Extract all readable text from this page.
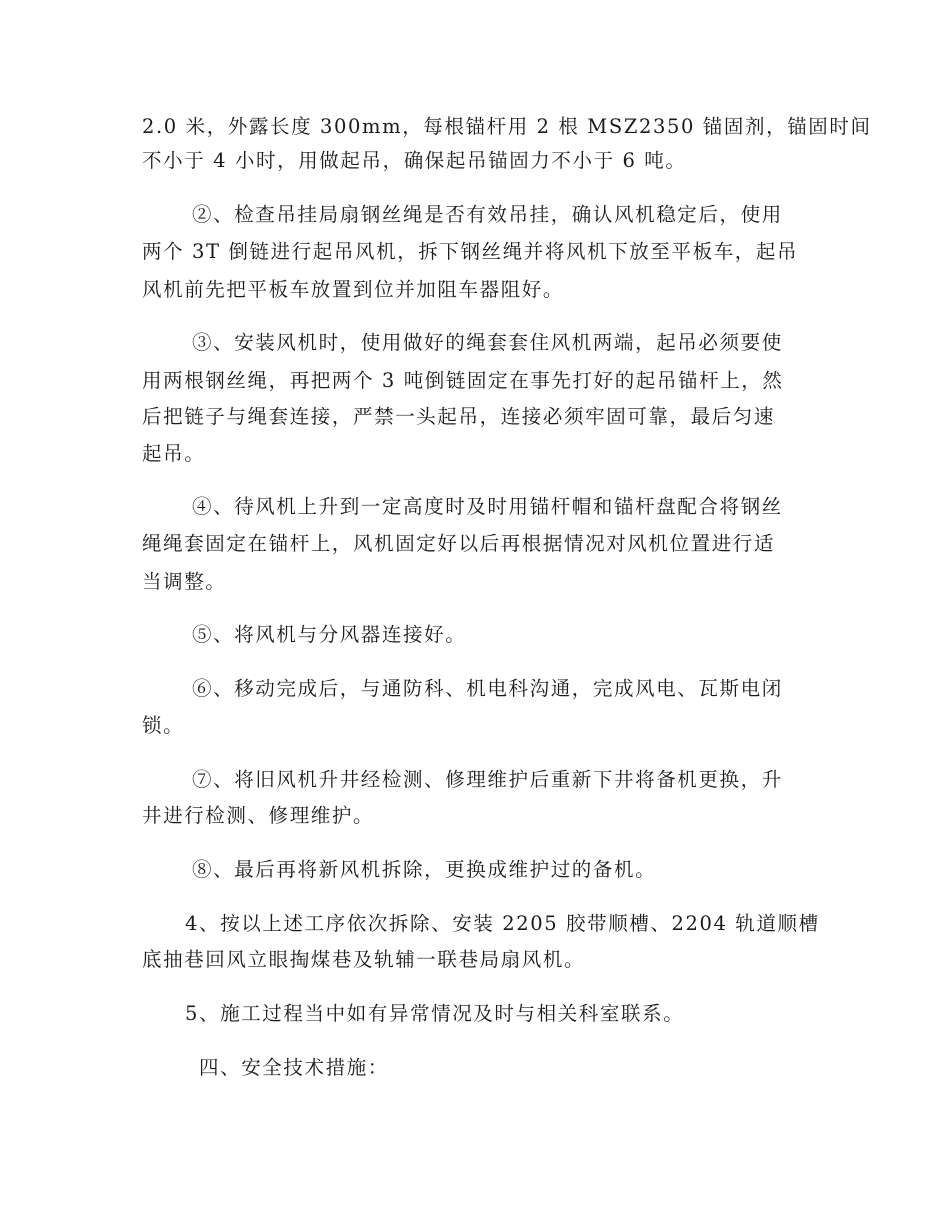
2.0 米，外露长度 300mm，每根锚杆用 2 根 MSZ2350 锚固剂，锚固时间
不小于 4 小时，用做起吊，确保起吊锚固力不小于 6 吨。
②、检查吊挂局扇钢丝绳是否有效吊挂，确认风机稳定后，使用
两个 3T 倒链进行起吊风机，拆下钢丝绳并将风机下放至平板车，起吊
风机前先把平板车放置到位并加阻车器阻好。
③、安装风机时，使用做好的绳套套住风机两端，起吊必须要使
用两根钢丝绳，再把两个 3 吨倒链固定在事先打好的起吊锚杆上，然
后把链子与绳套连接，严禁一头起吊，连接必须牢固可靠，最后匀速
起吊。
④、待风机上升到一定高度时及时用锚杆帽和锚杆盘配合将钢丝
绳绳套固定在锚杆上，风机固定好以后再根据情况对风机位置进行适
当调整。
⑤、将风机与分风器连接好。
⑥、移动完成后，与通防科、机电科沟通，完成风电、瓦斯电闭
锁。
⑦、将旧风机升井经检测、修理维护后重新下井将备机更换，升
井进行检测、修理维护。
⑧、最后再将新风机拆除，更换成维护过的备机。
4、按以上述工序依次拆除、安装 2205 胶带顺槽、2204 轨道顺槽
底抽巷回风立眼掏煤巷及轨辅一联巷局扇风机。
5、施工过程当中如有异常情况及时与相关科室联系。
四、安全技术措施：
